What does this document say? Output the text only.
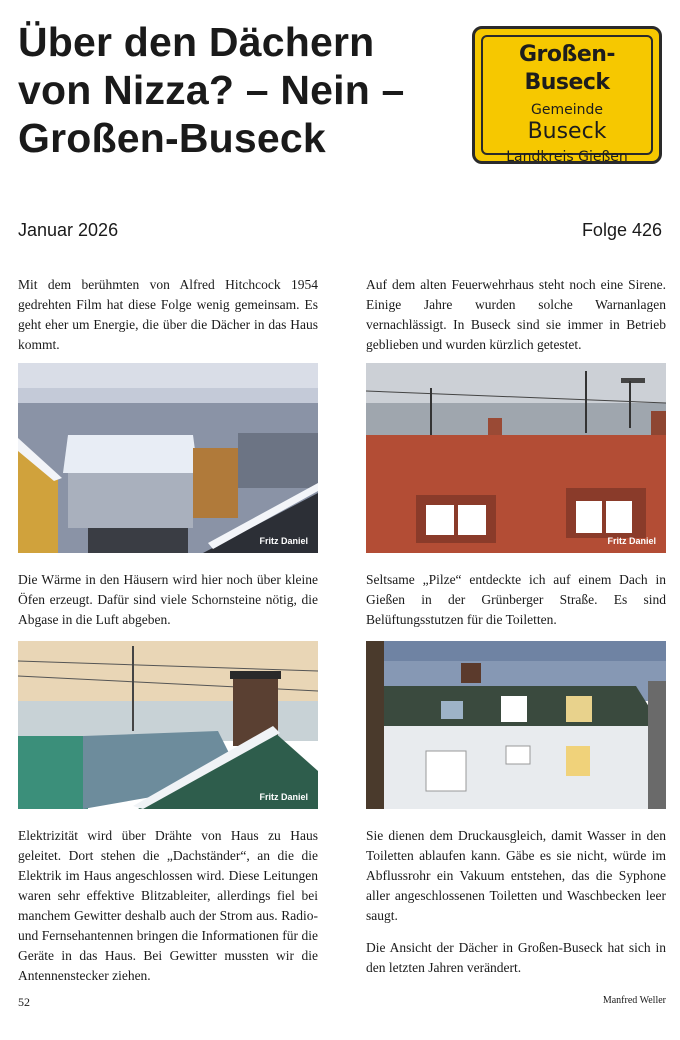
Über den Dächern
von Nizza? – Nein –
Großen-Buseck
Großen-Buseck
Gemeinde
Buseck
Landkreis Gießen
Januar 2026	Folge 426

Mit dem berühmten von Alfred Hitchcock 1954 gedrehten Film hat diese Folge wenig gemeinsam. Es geht eher um Energie, die über die Dächer in das Haus kommt.

Auf dem alten Feuerwehrhaus steht noch eine Sirene. Einige Jahre wurden solche Warnanlagen vernachlässigt. In Buseck sind sie immer in Betrieb geblieben und wurden kürzlich getestet.

Fritz Daniel	Fritz Daniel

Die Wärme in den Häusern wird hier noch über kleine Öfen erzeugt. Dafür sind viele Schornsteine nötig, die Abgase in die Luft abgeben.

Seltsame „Pilze“ entdeckte ich auf einem Dach in Gießen in der Grünberger Straße. Es sind Belüftungsstutzen für die Toiletten.

Fritz Daniel

Elektrizität wird über Drähte von Haus zu Haus geleitet. Dort stehen die „Dachständer“, an die die Elektrik im Haus angeschlossen wird. Diese Leitungen waren sehr effektive Blitzableiter, allerdings fiel bei manchem Gewitter deshalb auch der Strom aus. Radio- und Fernsehantennen bringen die Informationen für die Geräte in das Haus. Bei Gewitter mussten wir die Antennenstecker ziehen.

Sie dienen dem Druckausgleich, damit Wasser in den Toiletten ablaufen kann. Gäbe es sie nicht, würde im Abflussrohr ein Vakuum entstehen, das die Syphone aller angeschlossenen Toiletten und Waschbecken leer saugt.

Die Ansicht der Dächer in Großen-Buseck hat sich in den letzten Jahren verändert.

52	Manfred Weller
